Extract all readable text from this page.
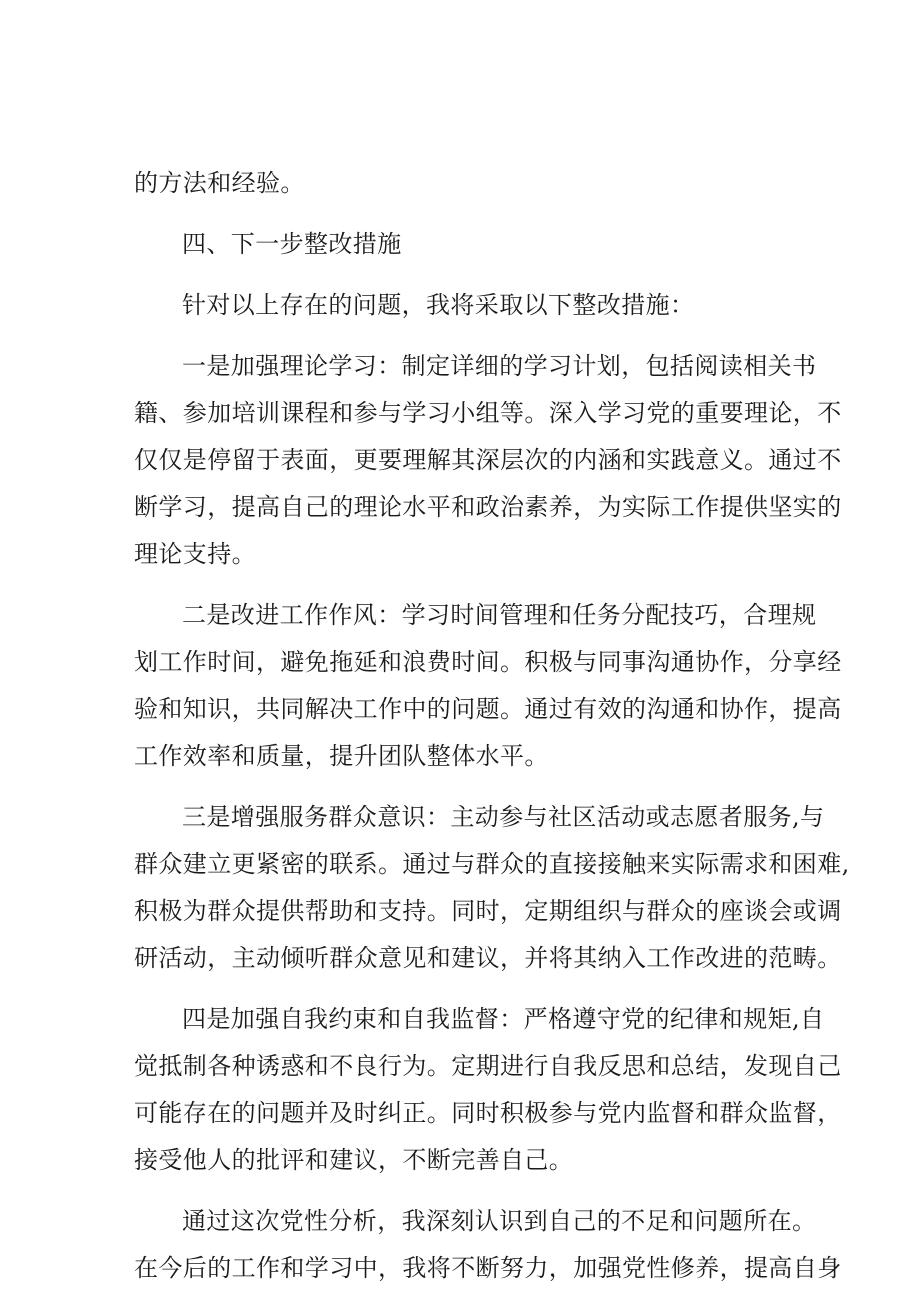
的方法和经验。
四、下一步整改措施
针对以上存在的问题，我将采取以下整改措施：
一是加强理论学习：制定详细的学习计划，包括阅读相关书
籍、参加培训课程和参与学习小组等。深入学习党的重要理论，不
仅仅是停留于表面，更要理解其深层次的内涵和实践意义。通过不
断学习，提高自己的理论水平和政治素养，为实际工作提供坚实的
理论支持。
二是改进工作作风：学习时间管理和任务分配技巧，合理规
划工作时间，避免拖延和浪费时间。积极与同事沟通协作，分享经
验和知识，共同解决工作中的问题。通过有效的沟通和协作，提高
工作效率和质量，提升团队整体水平。
三是增强服务群众意识：主动参与社区活动或志愿者服务,与
群众建立更紧密的联系。通过与群众的直接接触来实际需求和困难,
积极为群众提供帮助和支持。同时，定期组织与群众的座谈会或调
研活动，主动倾听群众意见和建议，并将其纳入工作改进的范畴。
四是加强自我约束和自我监督：严格遵守党的纪律和规矩,自
觉抵制各种诱惑和不良行为。定期进行自我反思和总结，发现自己
可能存在的问题并及时纠正。同时积极参与党内监督和群众监督，
接受他人的批评和建议，不断完善自己。
通过这次党性分析，我深刻认识到自己的不足和问题所在。
在今后的工作和学习中，我将不断努力，加强党性修养，提高自身
